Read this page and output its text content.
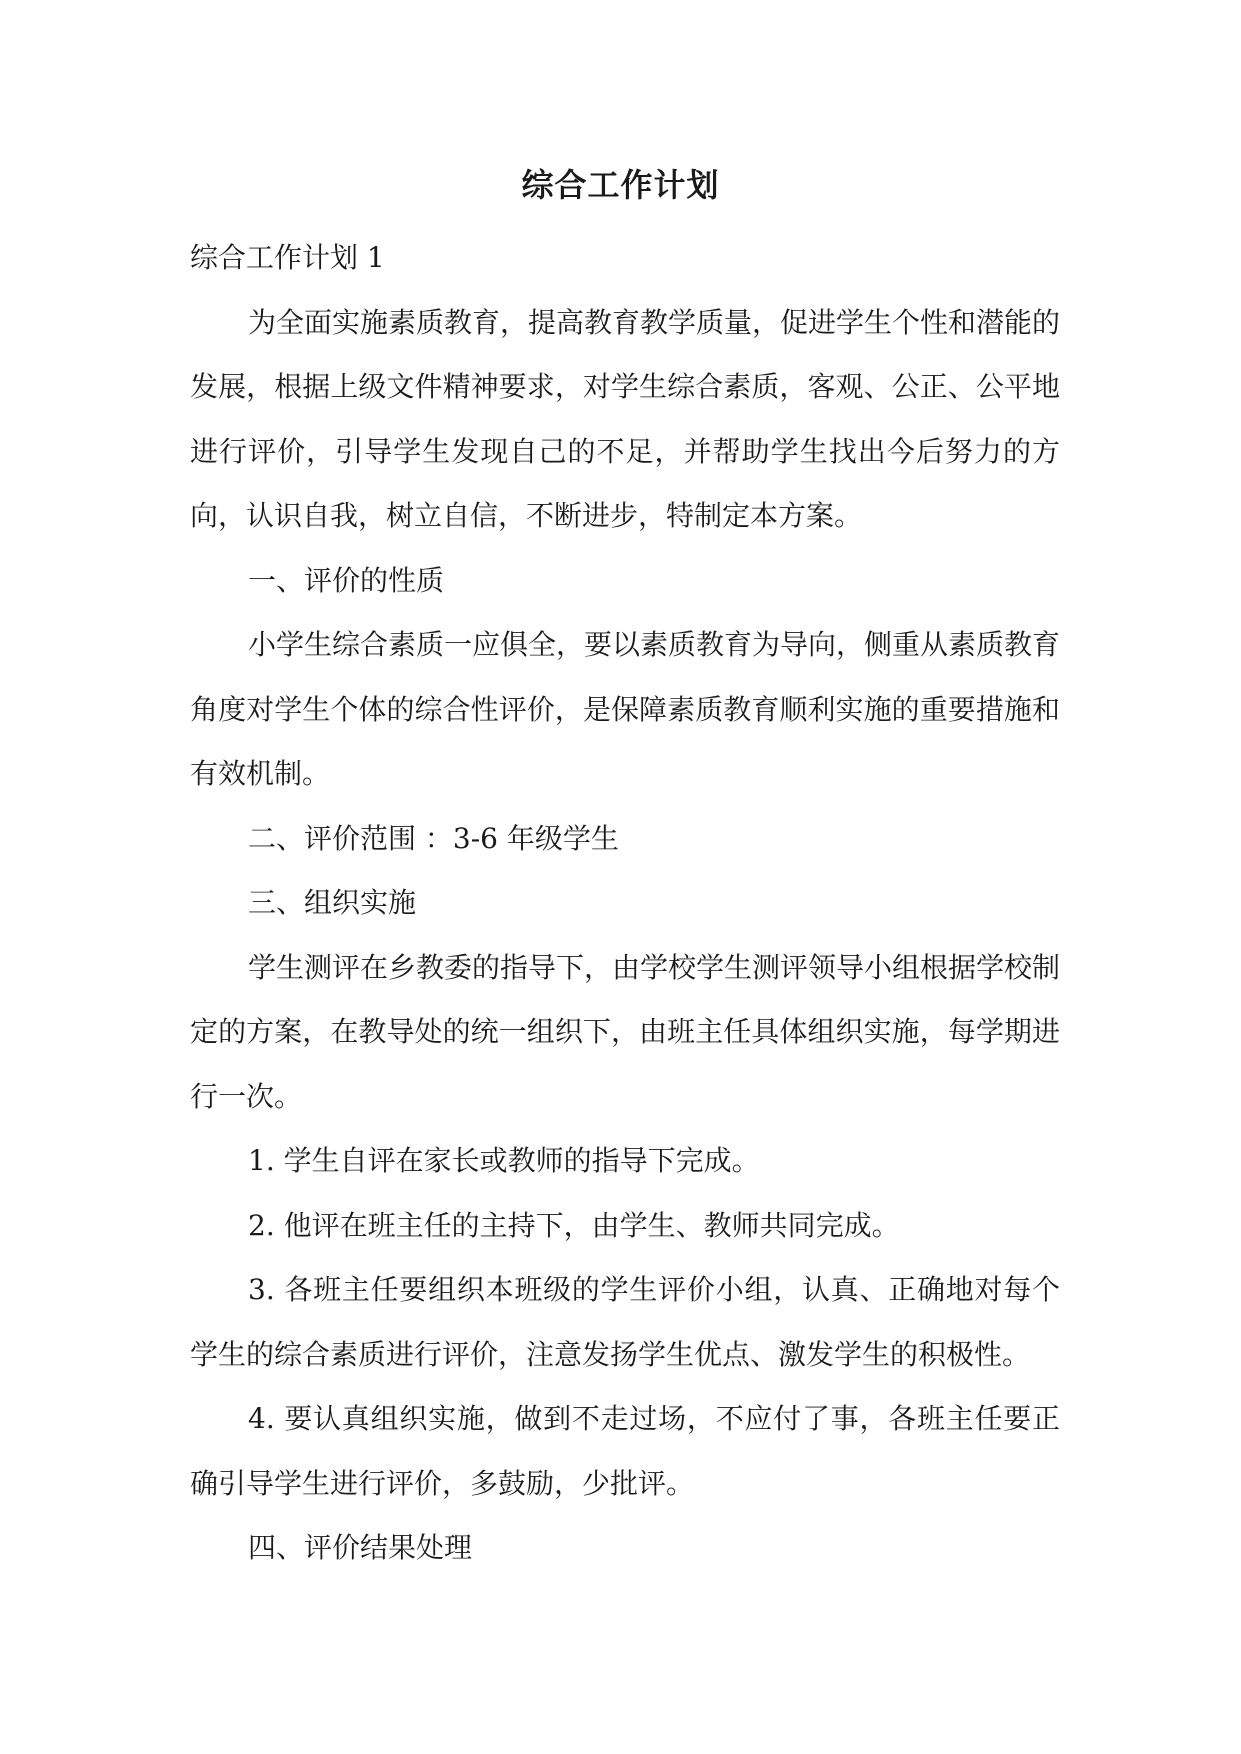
综合工作计划

综合工作计划 1

为全面实施素质教育，提高教育教学质量，促进学生个性和潜能的发展，根据上级文件精神要求，对学生综合素质，客观、公正、公平地进行评价，引导学生发现自己的不足，并帮助学生找出今后努力的方向，认识自我，树立自信，不断进步，特制定本方案。

一、评价的性质

小学生综合素质一应俱全，要以素质教育为导向，侧重从素质教育角度对学生个体的综合性评价，是保障素质教育顺利实施的重要措施和有效机制。

二、评价范围 ：3-6 年级学生

三、组织实施

学生测评在乡教委的指导下，由学校学生测评领导小组根据学校制定的方案，在教导处的统一组织下，由班主任具体组织实施，每学期进行一次。

1. 学生自评在家长或教师的指导下完成。

2. 他评在班主任的主持下，由学生、教师共同完成。

3. 各班主任要组织本班级的学生评价小组，认真、正确地对每个学生的综合素质进行评价，注意发扬学生优点、激发学生的积极性。

4. 要认真组织实施，做到不走过场，不应付了事，各班主任要正确引导学生进行评价，多鼓励，少批评。

四、评价结果处理
